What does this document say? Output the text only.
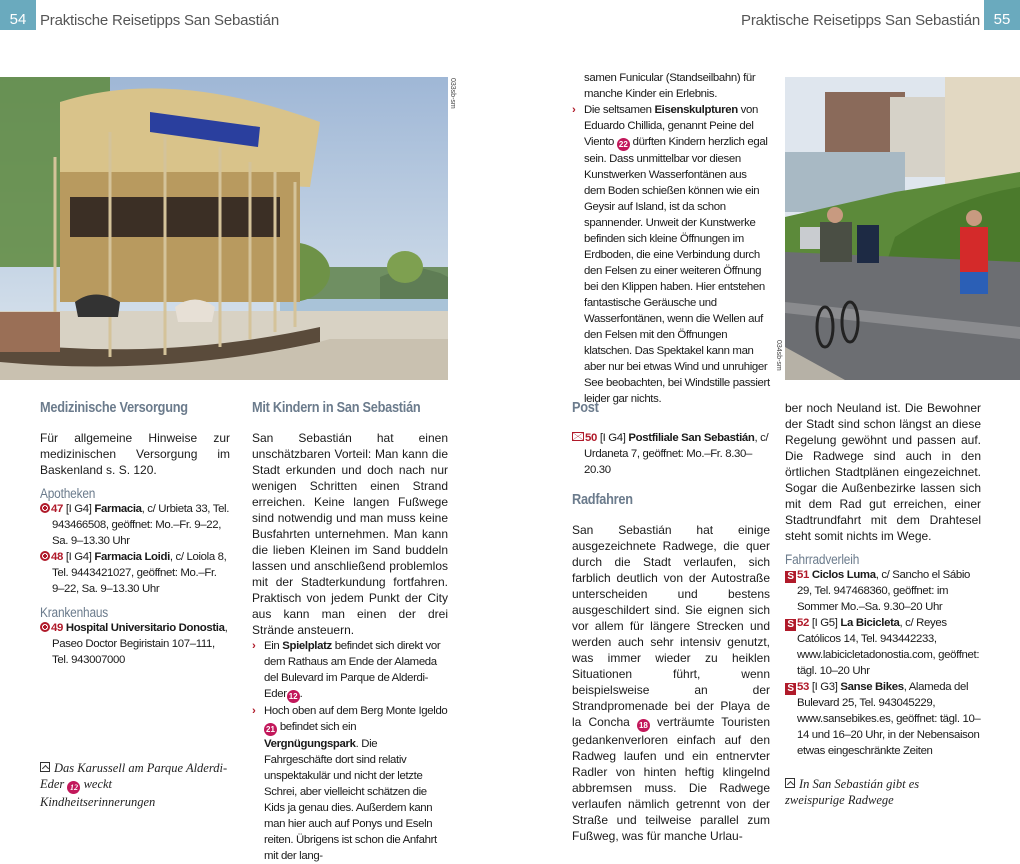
54 Praktische Reisetipps San Sebastián
033sb-sm
Medizinische Versorgung
Für allgemeine Hinweise zur medizinischen Versorgung im Baskenland s. S. 120.
Apotheken
47 [I G4] Farmacia, c/ Urbieta 33, Tel. 943466508, geöffnet: Mo.–Fr. 9–22, Sa. 9–13.30 Uhr
48 [I G4] Farmacia Loidi, c/ Loiola 8, Tel. 9443421027, geöffnet: Mo.–Fr. 9–22, Sa. 9–13.30 Uhr
Krankenhaus
49 Hospital Universitario Donostia, Paseo Doctor Begiristain 107–111, Tel. 943007000
Das Karussell am Parque Alderdi-Eder 12 weckt Kindheitserinnerungen
Mit Kindern in San Sebastián
San Sebastián hat einen unschätzbaren Vorteil: Man kann die Stadt erkunden und doch nach nur wenigen Schritten einen Strand erreichen. Keine langen Fußwege sind notwendig und man muss keine Busfahrten unternehmen. Man kann die lieben Kleinen im Sand buddeln lassen und anschließend problemlos mit der Stadterkundung fortfahren. Praktisch von jedem Punkt der City aus kann man einen der drei Strände ansteuern.
› Ein Spielplatz befindet sich direkt vor dem Rathaus am Ende der Alameda del Bulevard im Parque de Alderdi-Eder 12 .
› Hoch oben auf dem Berg Monte Igeldo 21 befindet sich ein Vergnügungspark. Die Fahrgeschäfte dort sind relativ unspektakulär und nicht der letzte Schrei, aber vielleicht schätzen die Kids ja genau dies. Außerdem kann man hier auch auf Ponys und Eseln reiten. Übrigens ist schon die Anfahrt mit der lang-
Praktische Reisetipps San Sebastián 55
samen Funicular (Standseilbahn) für manche Kinder ein Erlebnis.
› Die seltsamen Eisenskulpturen von Eduardo Chillida, genannt Peine del Viento 22 dürften Kindern herzlich egal sein. Dass unmittelbar vor diesen Kunstwerken Wasserfontänen aus dem Boden schießen können wie ein Geysir auf Island, ist da schon spannender. Unweit der Kunstwerke befinden sich kleine Öffnungen im Erdboden, die eine Verbindung durch den Felsen zu einer weiteren Öffnung bei den Klippen haben. Hier entstehen fantastische Geräusche und Wasserfontänen, wenn die Wellen auf den Felsen mit den Öffnungen klatschen. Das Spektakel kann man aber nur bei etwas Wind und unruhiger See beobachten, bei Windstille passiert leider gar nichts.
034sb-sm
Post
50 [I G4] Postfiliale San Sebastián, c/ Urdaneta 7, geöffnet: Mo.–Fr. 8.30–20.30
Radfahren
San Sebastián hat einige ausgezeichnete Radwege, die quer durch die Stadt verlaufen, sich farblich deutlich von der Autostraße unterscheiden und bestens ausgeschildert sind. Sie eignen sich vor allem für längere Strecken und werden auch sehr intensiv genutzt, was immer wieder zu heiklen Situationen führt, wenn beispielsweise an der Strandpromenade bei der Playa de la Concha 18 verträumte Touristen gedankenverloren einfach auf den Radweg laufen und ein entnervter Radler von hinten heftig klingelnd abbremsen muss. Die Radwege verlaufen nämlich getrennt von der Straße und teilweise parallel zum Fußweg, was für manche Urlau-
ber noch Neuland ist. Die Bewohner der Stadt sind schon längst an diese Regelung gewöhnt und passen auf. Die Radwege sind auch in den örtlichen Stadtplänen eingezeichnet. Sogar die Außenbezirke lassen sich mit dem Rad gut erreichen, einer Stadtrundfahrt mit dem Drahtesel steht somit nichts im Wege.
Fahrradverleih
S 51 Ciclos Luma, c/ Sancho el Sábio 29, Tel. 947468360, geöffnet: im Sommer Mo.–Sa. 9.30–20 Uhr
S 52 [I G5] La Bicicleta, c/ Reyes Católicos 14, Tel. 943442233, www.labicicletadonostia.com, geöffnet: tägl. 10–20 Uhr
S 53 [I G3] Sanse Bikes, Alameda del Bulevard 25, Tel. 943045229, www.sansebikes.es, geöffnet: tägl. 10–14 und 16–20 Uhr, in der Nebensaison etwas eingeschränkte Zeiten
In San Sebastián gibt es zweispurige Radwege
